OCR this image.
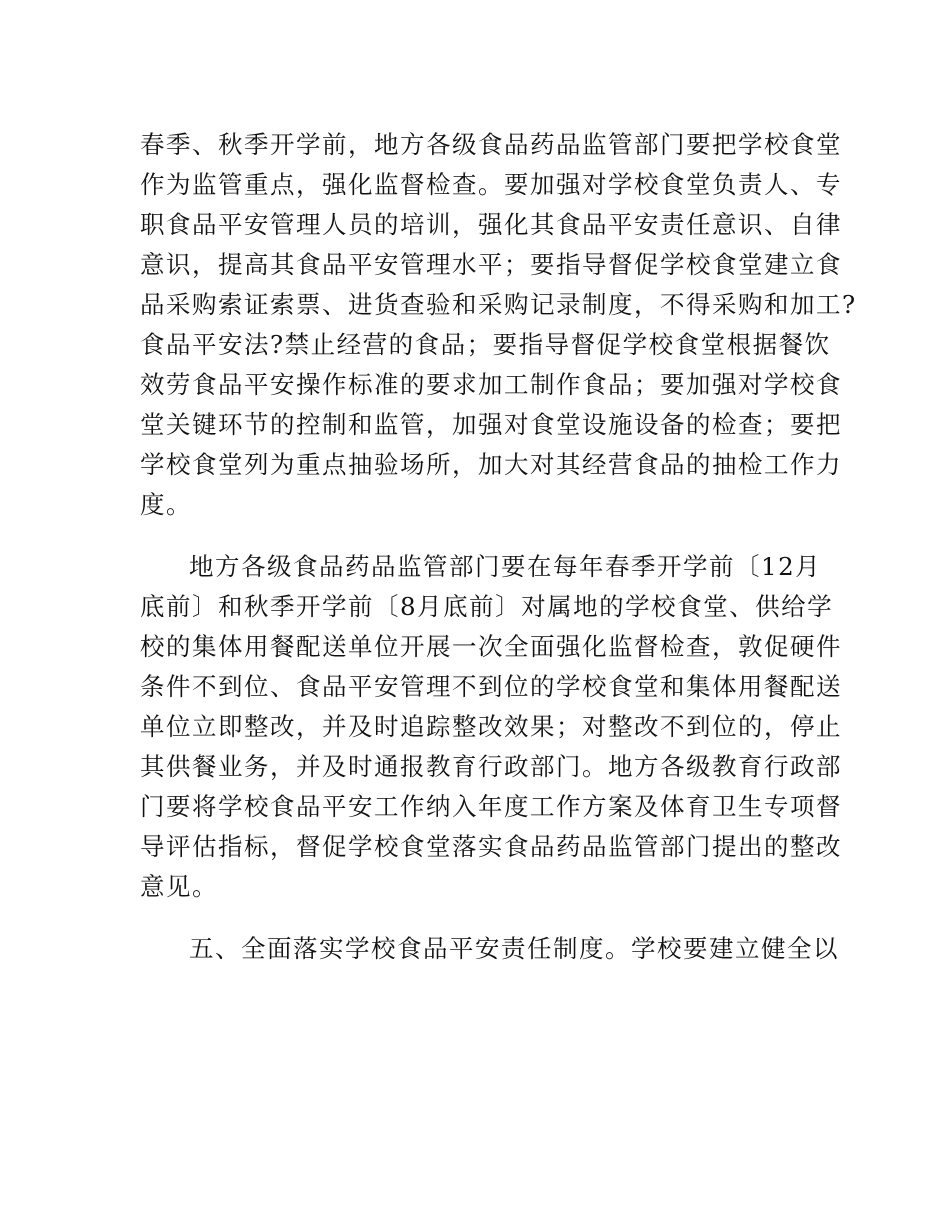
春季、秋季开学前，地方各级食品药品监管部门要把学校食堂
作为监管重点，强化监督检查。要加强对学校食堂负责人、专
职食品平安管理人员的培训，强化其食品平安责任意识、自律
意识，提高其食品平安管理水平；要指导督促学校食堂建立食
品采购索证索票、进货查验和采购记录制度，不得采购和加工?
食品平安法?禁止经营的食品；要指导督促学校食堂根据餐饮
效劳食品平安操作标准的要求加工制作食品；要加强对学校食
堂关键环节的控制和监管，加强对食堂设施设备的检查；要把
学校食堂列为重点抽验场所，加大对其经营食品的抽检工作力
度。
地方各级食品药品监管部门要在每年春季开学前〔12月
底前〕和秋季开学前〔8月底前〕对属地的学校食堂、供给学
校的集体用餐配送单位开展一次全面强化监督检查，敦促硬件
条件不到位、食品平安管理不到位的学校食堂和集体用餐配送
单位立即整改，并及时追踪整改效果；对整改不到位的，停止
其供餐业务，并及时通报教育行政部门。地方各级教育行政部
门要将学校食品平安工作纳入年度工作方案及体育卫生专项督
导评估指标，督促学校食堂落实食品药品监管部门提出的整改
意见。
五、全面落实学校食品平安责任制度。学校要建立健全以
